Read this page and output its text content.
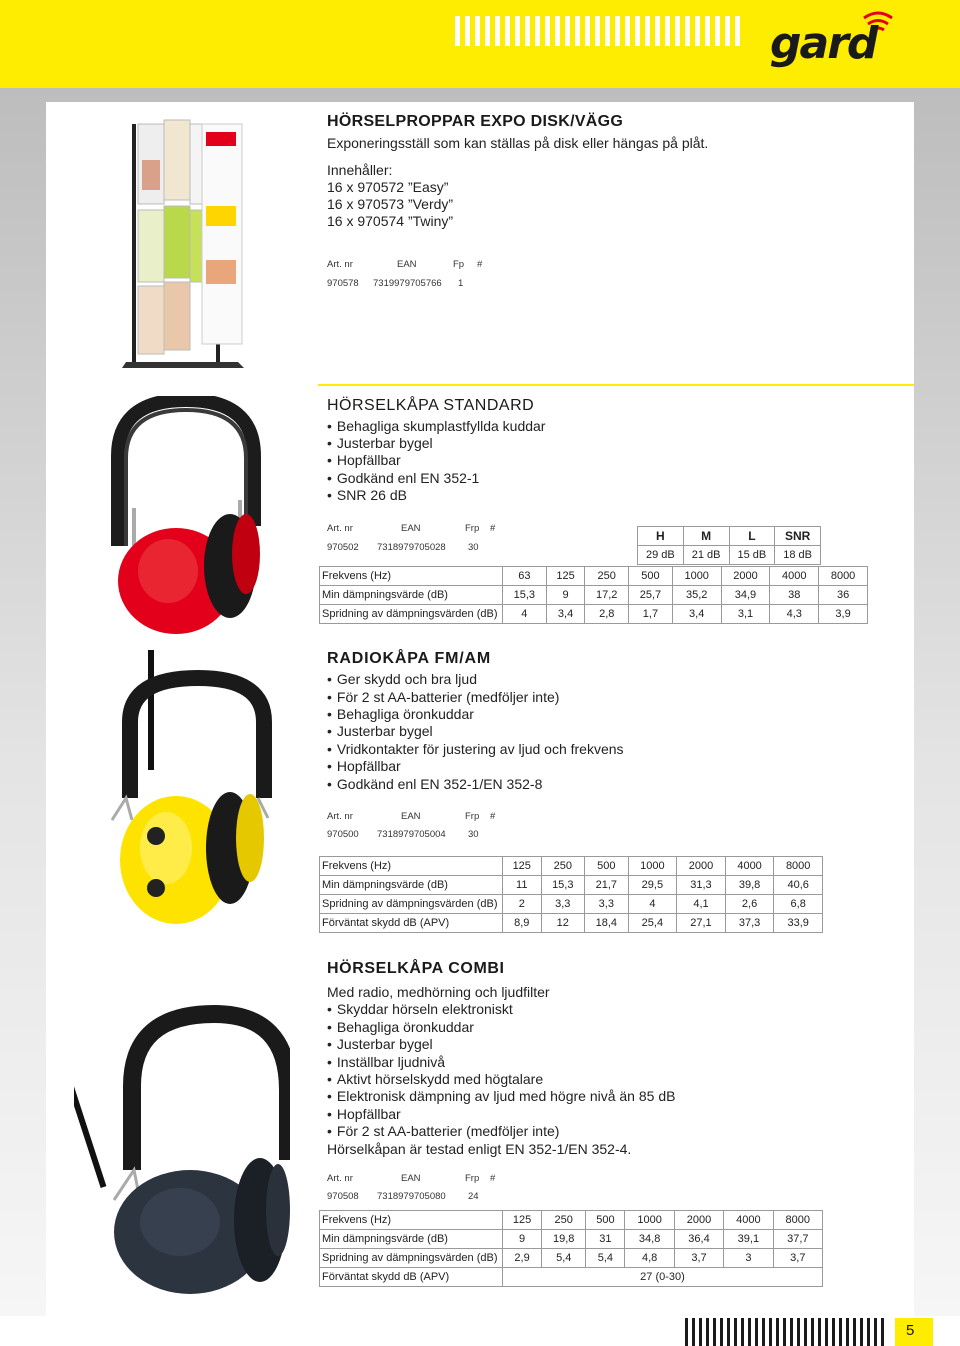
gard
HÖRSELPROPPAR EXPO DISK/VÄGG
Exponeringsställ som kan ställas på disk eller hängas på plåt.
Innehåller:
16 x 970572 ”Easy”
16 x 970573 ”Verdy”
16 x 970574 ”Twiny”
Art. nr	EAN	Fp #
970578 7319979705766 1
HÖRSELKÅPA STANDARD
• Behagliga skumplastfyllda kuddar
• Justerbar bygel
• Hopfällbar
• Godkänd enl EN 352-1
• SNR 26 dB
Art. nr	EAN	Frp #
970502 7318979705028 30
H	M	L	SNR
29 dB	21 dB	15 dB	18 dB
Frekvens (Hz)	63	125	250	500	1000	2000	4000	8000
Min dämpningsvärde (dB)	15,3	9	17,2	25,7	35,2	34,9	38	36
Spridning av dämpningsvärden (dB)	4	3,4	2,8	1,7	3,4	3,1	4,3	3,9
RADIOKÅPA FM/AM
• Ger skydd och bra ljud
• För 2 st AA-batterier (medföljer inte)
• Behagliga öronkuddar
• Justerbar bygel
• Vridkontakter för justering av ljud och frekvens
• Hopfällbar
• Godkänd enl EN 352-1/EN 352-8
Art. nr	EAN	Frp #
970500 7318979705004 30
Frekvens (Hz)	125	250	500	1000	2000	4000	8000
Min dämpningsvärde (dB)	11	15,3	21,7	29,5	31,3	39,8	40,6
Spridning av dämpningsvärden (dB)	2	3,3	3,3	4	4,1	2,6	6,8
Förväntat skydd dB (APV)	8,9	12	18,4	25,4	27,1	37,3	33,9
HÖRSELKÅPA COMBI
Med radio, medhörning och ljudfilter
• Skyddar hörseln elektroniskt
• Behagliga öronkuddar
• Justerbar bygel
• Inställbar ljudnivå
• Aktivt hörselskydd med högtalare
• Elektronisk dämpning av ljud med högre nivå än 85 dB
• Hopfällbar
• För 2 st AA-batterier (medföljer inte)
Hörselkåpan är testad enligt EN 352-1/EN 352-4.
Art. nr	EAN	Frp #
970508 7318979705080 24
Frekvens (Hz)	125	250	500	1000	2000	4000	8000
Min dämpningsvärde (dB)	9	19,8	31	34,8	36,4	39,1	37,7
Spridning av dämpningsvärden (dB)	2,9	5,4	5,4	4,8	3,7	3	3,7
Förväntat skydd dB (APV)	27 (0-30)						
5
